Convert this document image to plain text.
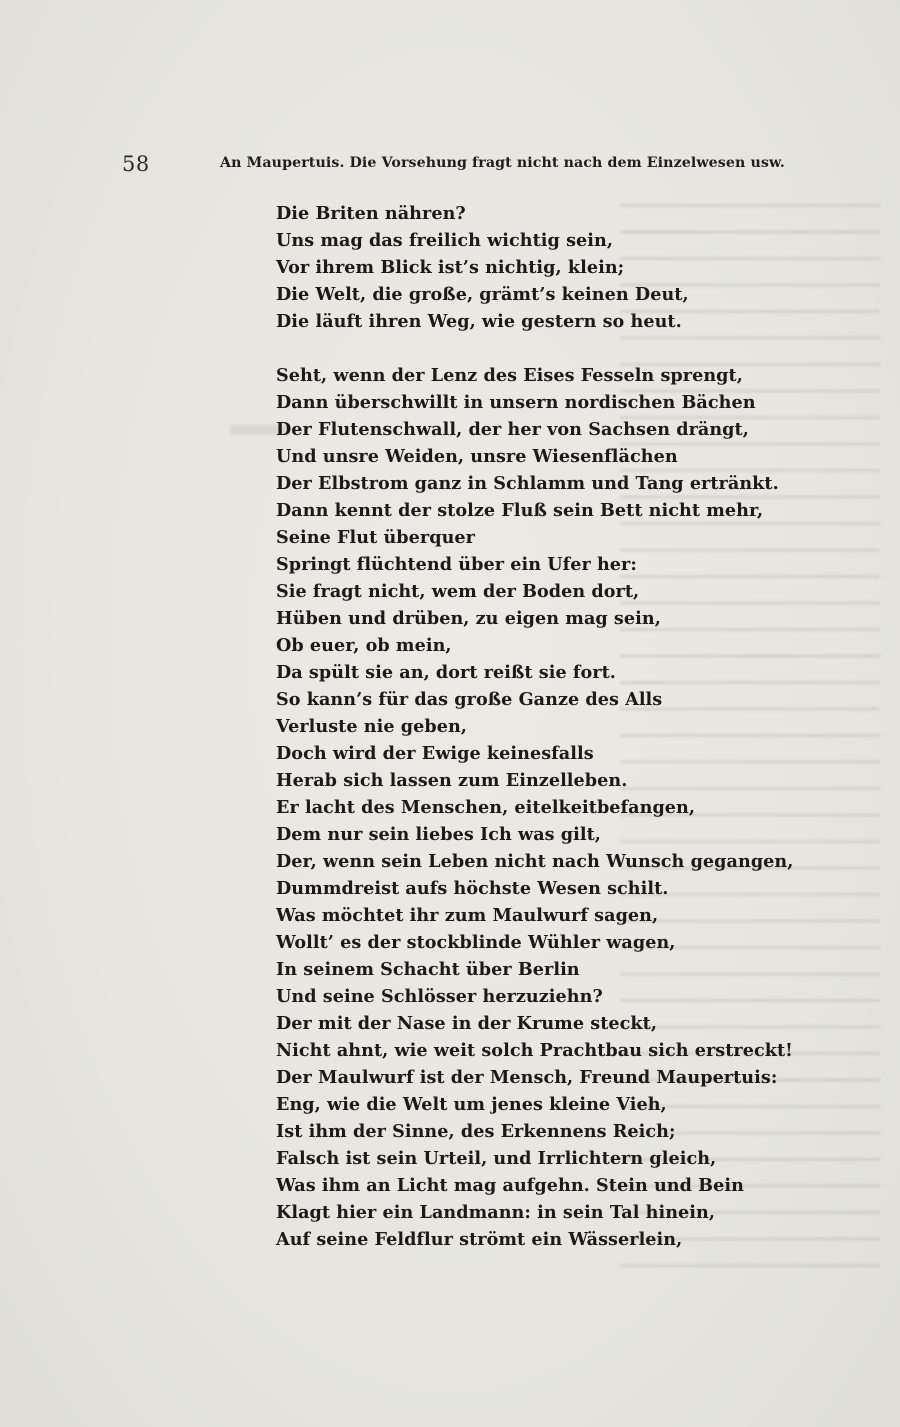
58	An Maupertuis. Die Vorsehung fragt nicht nach dem Einzelwesen usw.
Die Briten nähren?
Uns mag das freilich wichtig sein,
Vor ihrem Blick ist’s nichtig, klein;
Die Welt, die große, grämt’s keinen Deut,
Die läuft ihren Weg, wie gestern so heut.
Seht, wenn der Lenz des Eises Fesseln sprengt,
Dann überschwillt in unsern nordischen Bächen
Der Flutenschwall, der her von Sachsen drängt,
Und unsre Weiden, unsre Wiesenflächen
Der Elbstrom ganz in Schlamm und Tang ertränkt.
Dann kennt der stolze Fluß sein Bett nicht mehr,
Seine Flut überquer
Springt flüchtend über ein Ufer her:
Sie fragt nicht, wem der Boden dort,
Hüben und drüben, zu eigen mag sein,
Ob euer, ob mein,
Da spült sie an, dort reißt sie fort.
So kann’s für das große Ganze des Alls
Verluste nie geben,
Doch wird der Ewige keinesfalls
Herab sich lassen zum Einzelleben.
Er lacht des Menschen, eitelkeitbefangen,
Dem nur sein liebes Ich was gilt,
Der, wenn sein Leben nicht nach Wunsch gegangen,
Dummdreist aufs höchste Wesen schilt.
Was möchtet ihr zum Maulwurf sagen,
Wollt’ es der stockblinde Wühler wagen,
In seinem Schacht über Berlin
Und seine Schlösser herzuziehn?
Der mit der Nase in der Krume steckt,
Nicht ahnt, wie weit solch Prachtbau sich erstreckt!
Der Maulwurf ist der Mensch, Freund Maupertuis:
Eng, wie die Welt um jenes kleine Vieh,
Ist ihm der Sinne, des Erkennens Reich;
Falsch ist sein Urteil, und Irrlichtern gleich,
Was ihm an Licht mag aufgehn. Stein und Bein
Klagt hier ein Landmann: in sein Tal hinein,
Auf seine Feldflur strömt ein Wässerlein,
